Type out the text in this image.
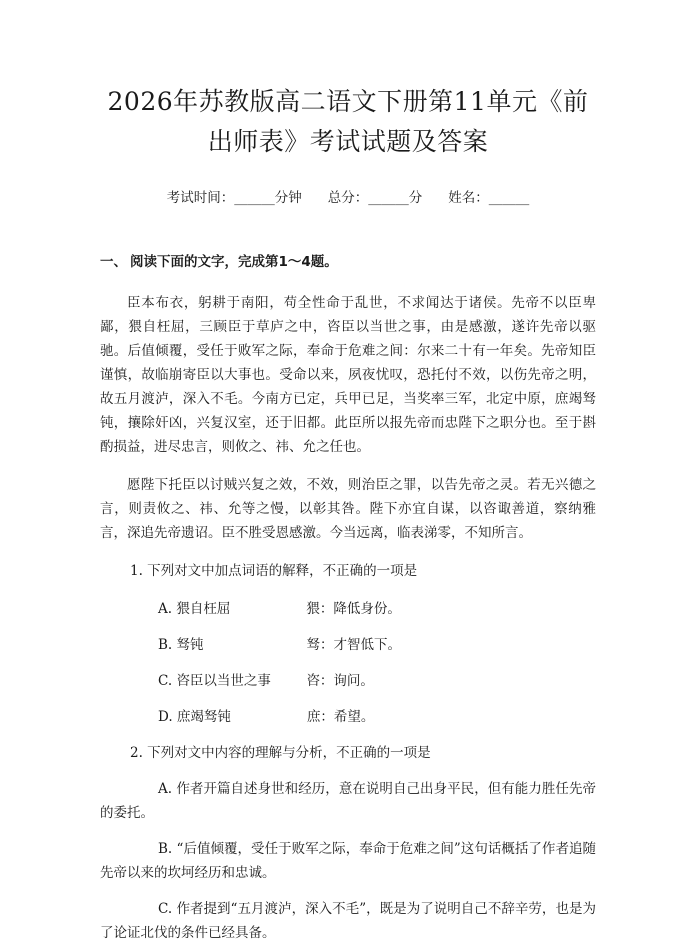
2026年苏教版高二语文下册第11单元《前出师表》考试试题及答案
考试时间：______分钟 总分：______分 姓名：______
一、 阅读下面的文字，完成第1～4题。

臣本布衣，躬耕于南阳，苟全性命于乱世，不求闻达于诸侯。先帝不以臣卑鄙，猥自枉屈，三顾臣于草庐之中，咨臣以当世之事，由是感激，遂许先帝以驱驰。后值倾覆，受任于败军之际，奉命于危难之间：尔来二十有一年矣。先帝知臣谨慎，故临崩寄臣以大事也。受命以来，夙夜忧叹，恐托付不效，以伤先帝之明，故五月渡泸，深入不毛。今南方已定，兵甲已足，当奖率三军，北定中原，庶竭驽钝，攘除奸凶，兴复汉室，还于旧都。此臣所以报先帝而忠陛下之职分也。至于斟酌损益，进尽忠言，则攸之、祎、允之任也。

愿陛下托臣以讨贼兴复之效，不效，则治臣之罪，以告先帝之灵。若无兴德之言，则责攸之、祎、允等之慢，以彰其咎。陛下亦宜自谋，以咨诹善道，察纳雅言，深追先帝遗诏。臣不胜受恩感激。今当远离，临表涕零，不知所言。

1. 下列对文中加点词语的解释，不正确的一项是

A. 猥自枉屈	猥：降低身份。
B. 驽钝	驽：才智低下。
C. 咨臣以当世之事	咨：询问。
D. 庶竭驽钝	庶：希望。

2. 下列对文中内容的理解与分析，不正确的一项是

A. 作者开篇自述身世和经历，意在说明自己出身平民，但有能力胜任先帝的委托。

B. “后值倾覆，受任于败军之际，奉命于危难之间”这句话概括了作者追随先帝以来的坎坷经历和忠诚。

C. 作者提到“五月渡泸，深入不毛”，既是为了说明自己不辞辛劳，也是为了论证北伐的条件已经具备。
